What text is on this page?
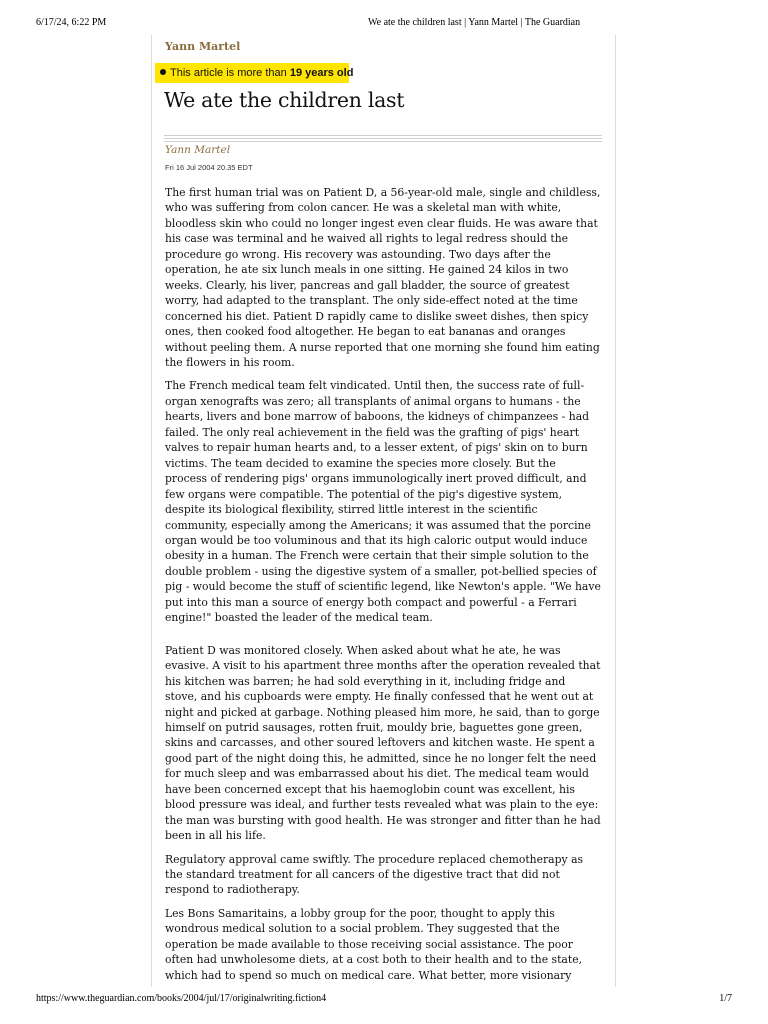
6/17/24, 6:22 PM	We ate the children last | Yann Martel | The Guardian
Yann Martel
This article is more than 19 years old
We ate the children last
Yann Martel
Fri 16 Jul 2004 20.35 EDT

The first human trial was on Patient D, a 56-year-old male, single and childless, who was suffering from colon cancer. He was a skeletal man with white, bloodless skin who could no longer ingest even clear fluids. He was aware that his case was terminal and he waived all rights to legal redress should the procedure go wrong. His recovery was astounding. Two days after the operation, he ate six lunch meals in one sitting. He gained 24 kilos in two weeks. Clearly, his liver, pancreas and gall bladder, the source of greatest worry, had adapted to the transplant. The only side-effect noted at the time concerned his diet. Patient D rapidly came to dislike sweet dishes, then spicy ones, then cooked food altogether. He began to eat bananas and oranges without peeling them. A nurse reported that one morning she found him eating the flowers in his room.

The French medical team felt vindicated. Until then, the success rate of full-organ xenografts was zero; all transplants of animal organs to humans - the hearts, livers and bone marrow of baboons, the kidneys of chimpanzees - had failed. The only real achievement in the field was the grafting of pigs' heart valves to repair human hearts and, to a lesser extent, of pigs' skin on to burn victims. The team decided to examine the species more closely. But the process of rendering pigs' organs immunologically inert proved difficult, and few organs were compatible. The potential of the pig's digestive system, despite its biological flexibility, stirred little interest in the scientific community, especially among the Americans; it was assumed that the porcine organ would be too voluminous and that its high caloric output would induce obesity in a human. The French were certain that their simple solution to the double problem - using the digestive system of a smaller, pot-bellied species of pig - would become the stuff of scientific legend, like Newton's apple. "We have put into this man a source of energy both compact and powerful - a Ferrari engine!" boasted the leader of the medical team.

Patient D was monitored closely. When asked about what he ate, he was evasive. A visit to his apartment three months after the operation revealed that his kitchen was barren; he had sold everything in it, including fridge and stove, and his cupboards were empty. He finally confessed that he went out at night and picked at garbage. Nothing pleased him more, he said, than to gorge himself on putrid sausages, rotten fruit, mouldy brie, baguettes gone green, skins and carcasses, and other soured leftovers and kitchen waste. He spent a good part of the night doing this, he admitted, since he no longer felt the need for much sleep and was embarrassed about his diet. The medical team would have been concerned except that his haemoglobin count was excellent, his blood pressure was ideal, and further tests revealed what was plain to the eye: the man was bursting with good health. He was stronger and fitter than he had been in all his life.

Regulatory approval came swiftly. The procedure replaced chemotherapy as the standard treatment for all cancers of the digestive tract that did not respond to radiotherapy.

Les Bons Samaritains, a lobby group for the poor, thought to apply this wondrous medical solution to a social problem. They suggested that the operation be made available to those receiving social assistance. The poor often had unwholesome diets, at a cost both to their health and to the state, which had to spend so much on medical care. What better, more visionary

https://www.theguardian.com/books/2004/jul/17/originalwriting.fiction4	1/7
